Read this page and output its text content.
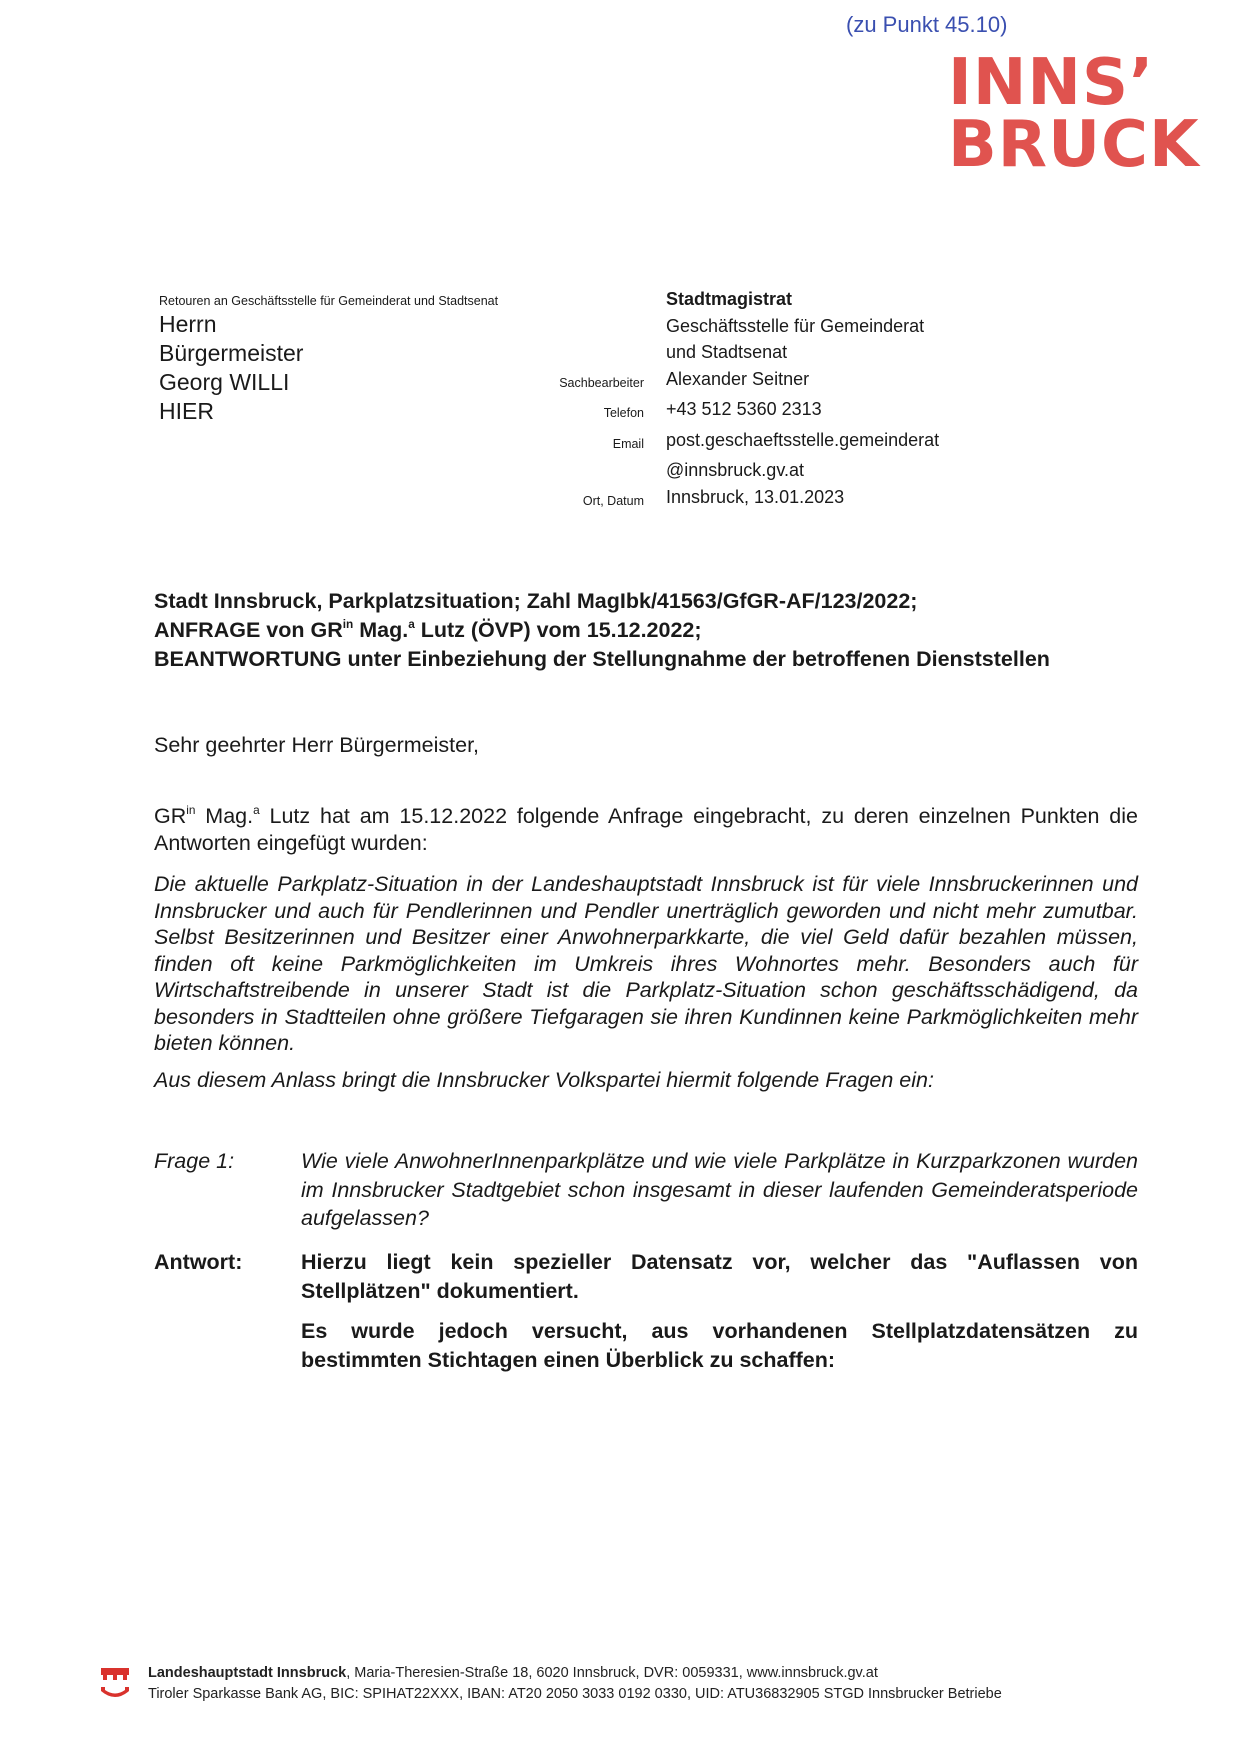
(zu Punkt 45.10)
INNS’
BRUCK
Retouren an Geschäftsstelle für Gemeinderat und Stadtsenat
Herrn
Bürgermeister
Georg WILLI
HIER
Stadtmagistrat
Geschäftsstelle für Gemeinderat
und Stadtsenat
Sachbearbeiter	Alexander Seitner
Telefon	+43 512 5360 2313
Email	post.geschaeftsstelle.gemeinderat
@innsbruck.gv.at
Ort, Datum	Innsbruck, 13.01.2023
Stadt Innsbruck, Parkplatzsituation; Zahl MagIbk/41563/GfGR-AF/123/2022;
ANFRAGE von $GR^{in}$ Mag.$^a$ Lutz (ÖVP) vom 15.12.2022;
BEANTWORTUNG unter Einbeziehung der Stellungnahme der betroffenen Dienststellen
Sehr geehrter Herr Bürgermeister,
$GR^{in}$ Mag.$^a$ Lutz hat am 15.12.2022 folgende Anfrage eingebracht, zu deren einzelnen Punkten die Antworten eingefügt wurden:
Die aktuelle Parkplatz-Situation in der Landeshauptstadt Innsbruck ist für viele Innsbruckerinnen und Innsbrucker und auch für Pendlerinnen und Pendler unerträglich geworden und nicht mehr zumutbar. Selbst Besitzerinnen und Besitzer einer Anwohnerparkkarte, die viel Geld dafür bezahlen müssen, finden oft keine Parkmöglichkeiten im Umkreis ihres Wohnortes mehr. Besonders auch für Wirtschaftstreibende in unserer Stadt ist die Parkplatz-Situation schon geschäftsschädigend, da besonders in Stadtteilen ohne größere Tiefgaragen sie ihren Kundinnen keine Parkmöglichkeiten mehr bieten können.
Aus diesem Anlass bringt die Innsbrucker Volkspartei hiermit folgende Fragen ein:
Frage 1:	Wie viele AnwohnerInnenparkplätze und wie viele Parkplätze in Kurzparkzonen wurden im Innsbrucker Stadtgebiet schon insgesamt in dieser laufenden Gemeinderatsperiode aufgelassen?
Antwort:	Hierzu liegt kein spezieller Datensatz vor, welcher das "Auflassen von Stellplätzen" dokumentiert.
Es wurde jedoch versucht, aus vorhandenen Stellplatzdatensätzen zu bestimmten Stichtagen einen Überblick zu schaffen:
Landeshauptstadt Innsbruck, Maria-Theresien-Straße 18, 6020 Innsbruck, DVR: 0059331, www.innsbruck.gv.at
Tiroler Sparkasse Bank AG, BIC: SPIHAT22XXX, IBAN: AT20 2050 3033 0192 0330, UID: ATU36832905 STGD Innsbrucker Betriebe
